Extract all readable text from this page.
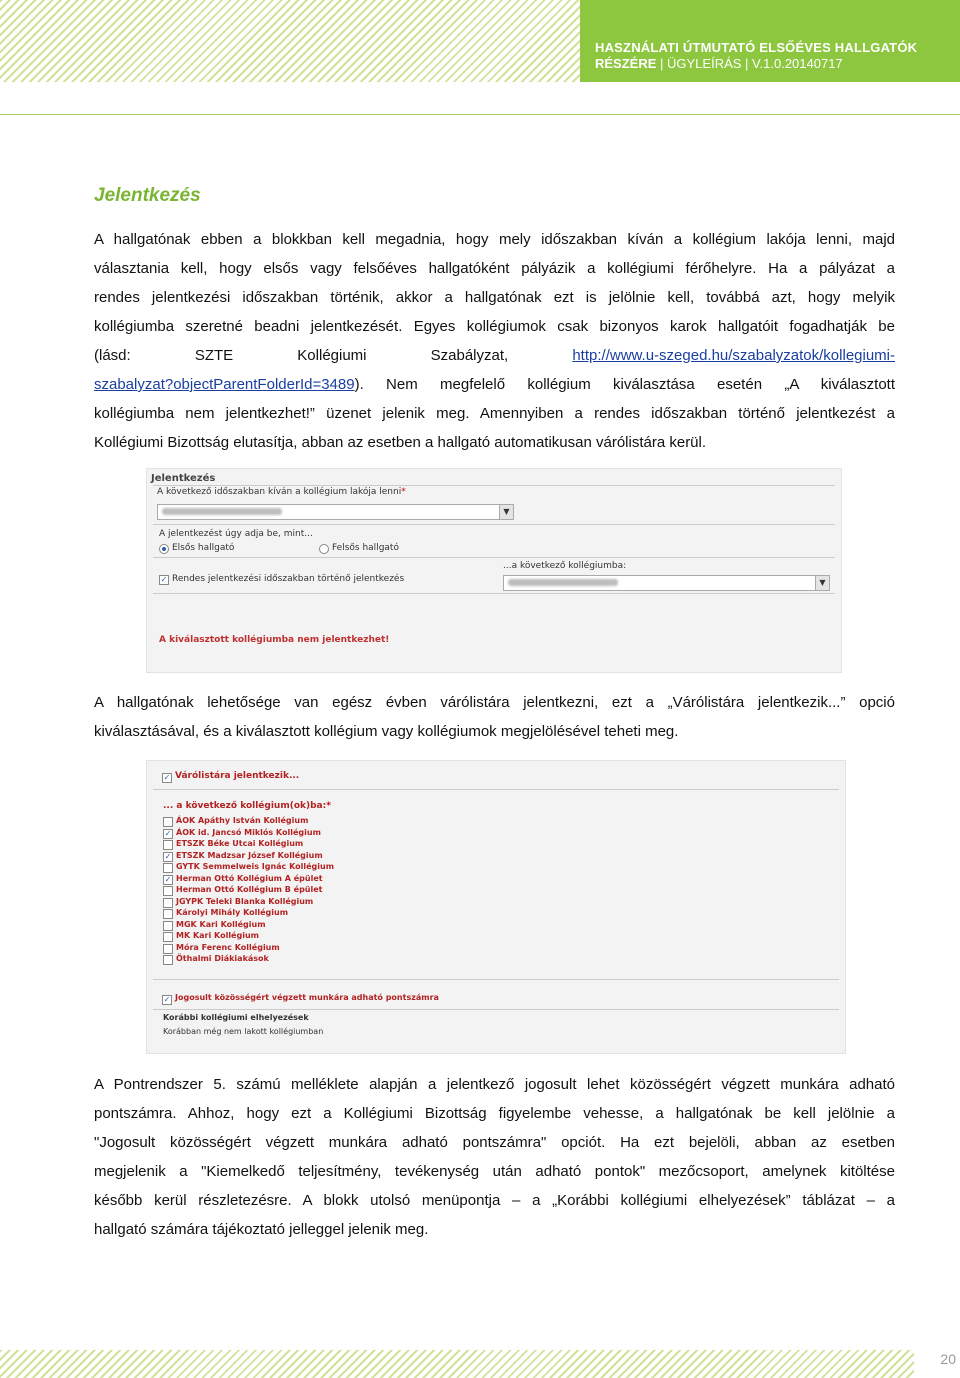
HASZNÁLATI ÚTMUTATÓ ELSŐÉVES HALLGATÓK
RÉSZÉRE | ÜGYLEÍRÁS | V.1.0.20140717
Jelentkezés
A hallgatónak ebben a blokkban kell megadnia, hogy mely időszakban kíván a kollégium lakója lenni, majd
választania kell, hogy elsős vagy felsőéves hallgatóként pályázik a kollégiumi férőhelyre. Ha a pályázat a
rendes jelentkezési időszakban történik, akkor a hallgatónak ezt is jelölnie kell, továbbá azt, hogy melyik
kollégiumba szeretné beadni jelentkezését. Egyes kollégiumok csak bizonyos karok hallgatóit fogadhatják be
(lásd: SZTE Kollégiumi Szabályzat,	http://www.u-szeged.hu/szabalyzatok/kollegiumi-
szabalyzat?objectParentFolderId=3489). Nem megfelelő kollégium kiválasztása esetén „A kiválasztott
kollégiumba nem jelentkezhet!” üzenet jelenik meg. Amennyiben a rendes időszakban történő jelentkezést a
Kollégiumi Bizottság elutasítja, abban az esetben a hallgató automatikusan várólistára kerül.
Jelentkezés
A következő időszakban kíván a kollégium lakója lenni*
▼
A jelentkezést úgy adja be, mint...
Elsős hallgató	Felsős hallgató
...a következő kollégiumba:
▼
✓ Rendes jelentkezési időszakban történő jelentkezés
A kiválasztott kollégiumba nem jelentkezhet!
A hallgatónak lehetősége van egész évben várólistára jelentkezni, ezt a „Várólistára jelentkezik...” opció
kiválasztásával, és a kiválasztott kollégium vagy kollégiumok megjelölésével teheti meg.
✓ Várólistára jelentkezik...
... a következő kollégium(ok)ba:*
ÁOK Apáthy István Kollégium
✓ ÁOK id. Jancsó Miklós Kollégium
ETSZK Béke Utcai Kollégium
✓ ETSZK Madzsar József Kollégium
GYTK Semmelweis Ignác Kollégium
✓ Herman Ottó Kollégium A épület
Herman Ottó Kollégium B épület
JGYPK Teleki Blanka Kollégium
Károlyi Mihály Kollégium
MGK Kari Kollégium
MK Kari Kollégium
Móra Ferenc Kollégium
Öthalmi Diákiakások
✓ Jogosult közösségért végzett munkára adható pontszámra
Korábbi kollégiumi elhelyezések
Korábban még nem lakott kollégiumban
A Pontrendszer 5. számú melléklete alapján a jelentkező jogosult lehet közösségért végzett munkára adható
pontszámra. Ahhoz, hogy ezt a Kollégiumi Bizottság figyelembe vehesse, a hallgatónak be kell jelölnie a
"Jogosult közösségért végzett munkára adható pontszámra" opciót. Ha ezt bejelöli, abban az esetben
megjelenik a "Kiemelkedő teljesítmény, tevékenység után adható pontok" mezőcsoport, amelynek kitöltése
később kerül részletezésre. A blokk utolsó menüpontja – a „Korábbi kollégiumi elhelyezések” táblázat – a
hallgató számára tájékoztató jelleggel jelenik meg.
20
